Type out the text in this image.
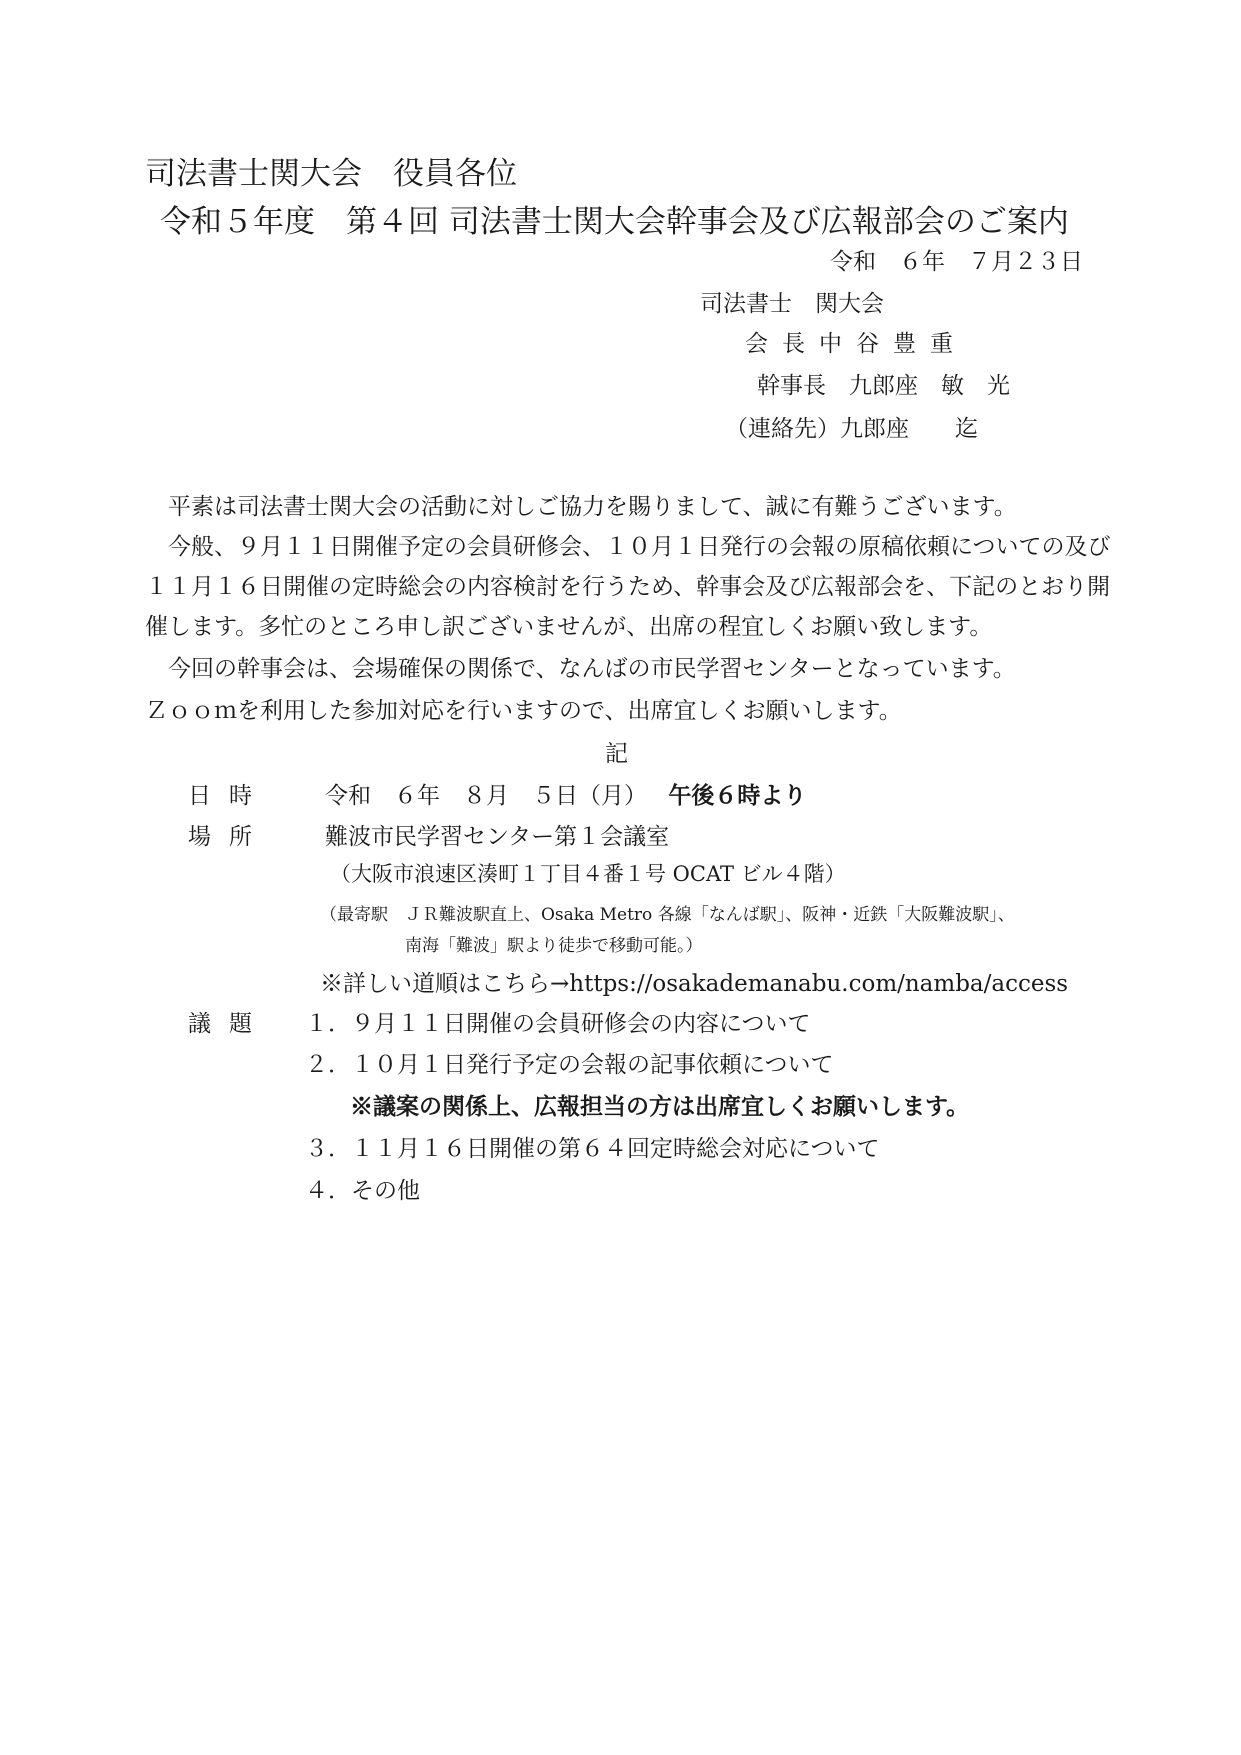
司法書士関大会　役員各位
令和５年度　第４回 司法書士関大会幹事会及び広報部会のご案内
令和　６年　７月２３日
司法書士　関大会
会長中谷豊重
幹事長　九郎座　敏　光
（連絡先）九郎座　　迄
平素は司法書士関大会の活動に対しご協力を賜りまして、誠に有難うございます。
今般、９月１１日開催予定の会員研修会、１０月１日発行の会報の原稿依頼についての及び
１１月１６日開催の定時総会の内容検討を行うため、幹事会及び広報部会を、下記のとおり開
催します。多忙のところ申し訳ございませんが、出席の程宜しくお願い致します。
今回の幹事会は、会場確保の関係で、なんばの市民学習センターとなっています。
Ｚｏｏｍを利用した参加対応を行いますので、出席宜しくお願いします。
記
日時 令和　６年　８月　５日（月） 午後６時より
場所 難波市民学習センター第１会議室
（大阪市浪速区湊町１丁目４番１号 OCAT ビル４階）
（最寄駅　ＪＲ難波駅直上、Osaka Metro 各線「なんば駅」、阪神・近鉄「大阪難波駅」、
南海「難波」駅より徒歩で移動可能。）
※詳しい道順はこちら→https://osakademanabu.com/namba/access
議題 １．９月１１日開催の会員研修会の内容について
２．１０月１日発行予定の会報の記事依頼について
※議案の関係上、広報担当の方は出席宜しくお願いします。
３．１１月１６日開催の第６４回定時総会対応について
４．その他
